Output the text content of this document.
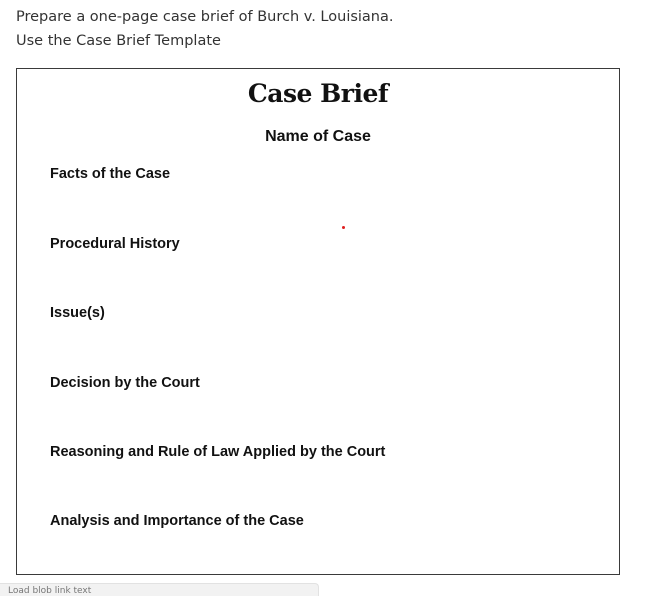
Prepare a one-page case brief of Burch v. Louisiana.
Use the Case Brief Template
Case Brief
Name of Case
Facts of the Case
Procedural History
Issue(s)
Decision by the Court
Reasoning and Rule of Law Applied by the Court
Analysis and Importance of the Case
Load blob link text
